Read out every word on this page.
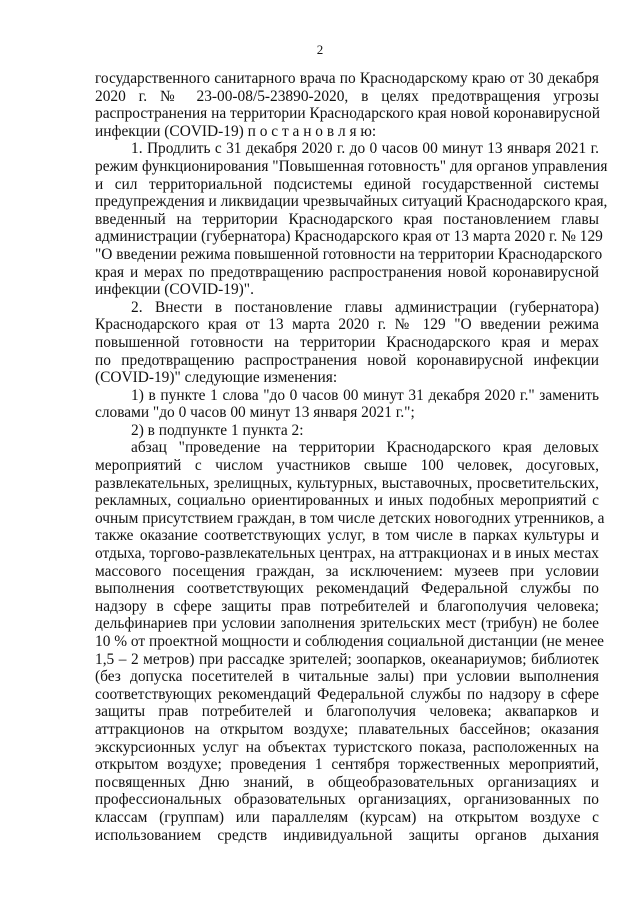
2
государственного санитарного врача по Краснодарскому краю от 30 декабря
2020 г. № 23-00-08/5-23890-2020, в целях предотвращения угрозы
распространения на территории Краснодарского края новой коронавирусной
инфекции (COVID-19) п о с т а н о в л я ю:
1. Продлить с 31 декабря 2020 г. до 0 часов 00 минут 13 января 2021 г.
режим функционирования "Повышенная готовность" для органов управления
и сил территориальной подсистемы единой государственной системы
предупреждения и ликвидации чрезвычайных ситуаций Краснодарского края,
введенный на территории Краснодарского края постановлением главы
администрации (губернатора) Краснодарского края от 13 марта 2020 г. № 129
"О введении режима повышенной готовности на территории Краснодарского
края и мерах по предотвращению распространения новой коронавирусной
инфекции (COVID-19)".
2. Внести в постановление главы администрации (губернатора)
Краснодарского края от 13 марта 2020 г. № 129 "О введении режима
повышенной готовности на территории Краснодарского края и мерах
по предотвращению распространения новой коронавирусной инфекции
(COVID-19)" следующие изменения:
1) в пункте 1 слова "до 0 часов 00 минут 31 декабря 2020 г." заменить
словами "до 0 часов 00 минут 13 января 2021 г.";
2) в подпункте 1 пункта 2:
абзац "проведение на территории Краснодарского края деловых
мероприятий с числом участников свыше 100 человек, досуговых,
развлекательных, зрелищных, культурных, выставочных, просветительских,
рекламных, социально ориентированных и иных подобных мероприятий с
очным присутствием граждан, в том числе детских новогодних утренников, а
также оказание соответствующих услуг, в том числе в парках культуры и
отдыха, торгово-развлекательных центрах, на аттракционах и в иных местах
массового посещения граждан, за исключением: музеев при условии
выполнения соответствующих рекомендаций Федеральной службы по
надзору в сфере защиты прав потребителей и благополучия человека;
дельфинариев при условии заполнения зрительских мест (трибун) не более
10 % от проектной мощности и соблюдения социальной дистанции (не менее
1,5 – 2 метров) при рассадке зрителей; зоопарков, океанариумов; библиотек
(без допуска посетителей в читальные залы) при условии выполнения
соответствующих рекомендаций Федеральной службы по надзору в сфере
защиты прав потребителей и благополучия человека; аквапарков и
аттракционов на открытом воздухе; плавательных бассейнов; оказания
экскурсионных услуг на объектах туристского показа, расположенных на
открытом воздухе; проведения 1 сентября торжественных мероприятий,
посвященных Дню знаний, в общеобразовательных организациях и
профессиональных образовательных организациях, организованных по
классам (группам) или параллелям (курсам) на открытом воздухе с
использованием средств индивидуальной защиты органов дыхания
